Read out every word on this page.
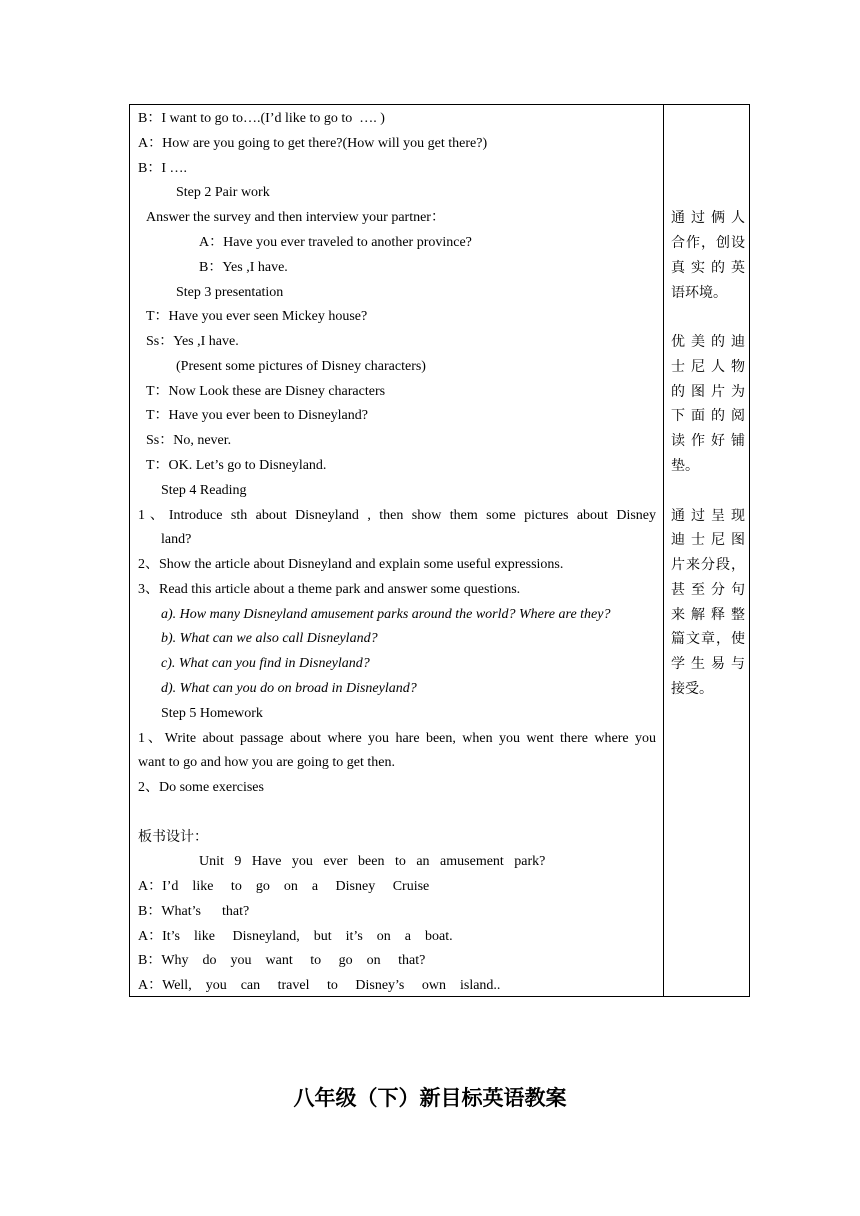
B：I want to go to….(I’d like to go to  …. )
A：How are you going to get there?(How will you get there?)
B：I ….
Step 2 Pair work
Answer the survey and then interview your partner：
A：Have you ever traveled to another province?
B：Yes ,I have.
Step 3 presentation
T：Have you ever seen Mickey house?
Ss：Yes ,I have.
(Present some pictures of Disney characters)
T：Now Look these are Disney characters
T：Have you ever been to Disneyland?
Ss：No, never.
T：OK. Let’s go to Disneyland.
Step 4 Reading
1、Introduce sth about Disneyland , then show them some pictures about Disney
land?
2、Show the article about Disneyland and explain some useful expressions.
3、Read this article about a theme park and answer some questions.
a). How many Disneyland amusement parks around the world? Where are they?
b). What can we also call Disneyland?
c). What can you find in Disneyland?
d). What can you do on broad in Disneyland?
Step 5 Homework
1、Write about passage about where you hare been, when you went there where you
want to go and how you are going to get then.
2、Do some exercises
板书设计：
Unit   9   Have   you   ever   been   to   an   amusement   park?
A：I’d    like     to    go    on    a     Disney     Cruise
B：What’s      that?
A：It’s    like     Disneyland,    but    it’s    on    a    boat.
B：Why    do    you    want     to     go    on     that?
A：Well,    you    can     travel     to     Disney’s     own    island..
通 过 俩 人
合作，创设
真 实 的 英
语环境。
优 美 的 迪
士 尼 人 物
的 图 片 为
下 面 的 阅
读 作 好 铺
垫。
通 过 呈 现
迪 士 尼 图
片来分段，
甚 至 分 句
来 解 释 整
篇文章，使
学 生 易 与
接受。
八年级（下）新目标英语教案
